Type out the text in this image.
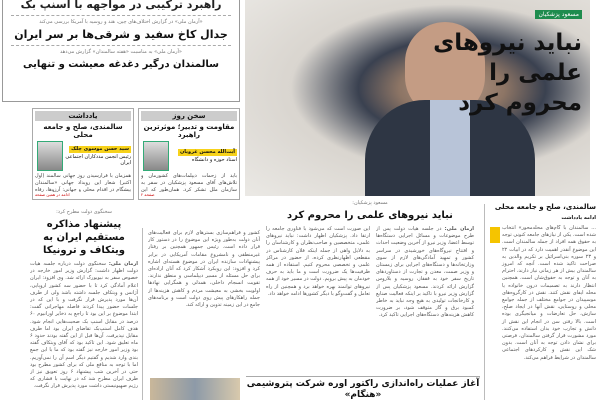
راهبرد ترکیبی در مواجهه با اسنپ بک
«آرمان ملی» در گزارش اختلاف‌های چین، هند و روسیه با آمریکا بررسی می‌کند
جدال کاخ سفید و شرقی‌ها بر سر ایران
«آرمان ملی» به مناسبت «هفته سالمندان» گزارش می‌دهد
سالمندان درگیر دغدغه معیشت و تنهایی
سخن روز
مقاومت و تدبیر؛ موثرترین راهبرد
آیت‌الله محسن غرویان
استاد حوزه و دانشگاه
باید از زحمات دیپلمات‌های کشورمان و تلاش‌های آقای مسعود پزشکیان در سفر به سازمان ملل تشکر کرد. همان‌طور که این
صفحه ۲
یادداشت
سالمندی، صلح و جامعه محلی
سید حسن موسوی چلک
رئیس انجمن مددکاران اجتماعی ایران
همزمان با فرارسیدن روز جهانی سالمند (اول اکتبر) شعار این رویداد جهانی «سالمندان پیشگام در اقدام محلی و جهانی: آرزوها، رفاه
ادامه در همین صفحه
مسعود پزشکیان
نباید نیروهای علمی را محروم کرد
سخنگوی دولت مطرح کرد:
پیشنهاد مذاکره مستقیم ایران به ویتکاف و ترونیکا
آرمان ملی: سخنگوی دولت درباره جلسه هیأت دولت اظهار داشت: گزارش وزیر امور خارجه در خصوص سفر به نیویورک ارائه شد. وی افزود: ایران اعلام آمادگی کرد تا با حضور سه کشور اروپایی، آژانس و ویتکاف جلسه داشته باشد ولی از طرف آن‌ها مورد پذیرش قرار نگرفت و با این که در جلسات حضور پیدا کردند فاصله مهاجرانی گفت: ابتدا موضوع بر این بود تا راجع به ذخایر اورانیوم ۶۰ درصد در مقابل اسنپ بک صحبت‌هایی انجام شود. هدف کامل اسنپ‌بک تقاضای ایران بود اما طرف مقابل نپذیرفت. آن‌ها قبل از این گفته بودند حدود ۶ ماه تعلیق شود. این تاکید بود که آقای ویتکاف گفته بود وزیر امور خارجه نیز گفته بود که ما با این جمع بندی وارد شدیم و گفتیم دیگر اسم آن را نمی‌آوریم. اما با توجه به منافع ملی که برای کشور مطرح بود حتی در آخرین شب پیشنهاد ۶ روز تعویق نیز از طرف ایران مطرح شد که در نهایت با فشاری که رژیم صهیونیستی داشت مورد پذیرش قرار نگرفت.
مسعود پزشکیان:
نباید نیروهای علمی را محروم کرد
آرمان ملی: در جلسه هیأت دولت پس از طرح موضوعات و مسائل اجرایی دستگاه‌ها توسط اعضا، وزیر نیرو از آخرین وضعیت احداث و افتتاح نیروگاه‌های خورشیدی در سراسر کشور و تمهید آمادگی‌های لازم از سوی وزارتخانه‌ها و دستگاه‌های اجرایی برای زمستان و وزیر صمت، معدن و تجارت از دستاوردهای تاریخ سفر خود به قفقاز، روسیه و بلاروس گزارش ارائه کردند. مسعود پزشکیان پس از گزارش وزیر نیرو با تاکید بر اینکه فعالیت صنایع و کارخانجات تولیدی به هیچ وجه نباید به خاطر کمبود برق و گاز متوقف شود، بر ضرورت کاهش هزینه‌های دستگاه‌های اجرایی تاکید کرد.
این صورت است که می‌شود با فناوری جامعه را ارتقا داد. پزشکیان اظهار داشت: نباید نیروهای علمی، متخصصین و صاحب‌نظران و کارشناسان را به دلایل واهی از جمله اینکه فلان کارشناس در مقطعی اظهارنظری کرده، از حضور در مراکز علمی و تخصصی محروم کنیم. استفاده از همه ظرفیت‌ها یک ضرورت است و ما باید به حرف خودمان به پیش برویم. دولت در مسیر خود از همه نیروهای توانمند بهره خواهد برد و همچنین از راه تعامل و گفت‌وگو با دیگر کشورها ادامه خواهد داد.
کشور و فراهم‌سازی بسترهای لازم برای فعالیت‌های آنان دولت به‌طور ویژه این موضوع را در دستور کار قرار داده است. رئیس جمهور همچنین بر رفتار غیرمنطقی و نامشروع مقامات آمریکایی در برابر پیشنهادات سازنده ایران در موضوع هسته‌ای اشاره کرد و افزود: این رویکرد آشکار کرد که آنان اراده‌ای برای حل مسئله از مسیر دیپلماسی و منطق ندارند. تقویت انسجام داخلی، همدلی و همگرایی نهادها اولویت بخشی به معیشت مردم و کاهش هزینه‌ها از جمله راهکارهای پیش روی دولت است و برنامه‌های جامع در این زمینه تدوین و ارائه کند.
آغاز عملیات راه‌اندازی راکتور اوره شرکت پتروشیمی «هنگام»
سالمندی، صلح و جامعه محلی
ادامه یادداشت
... سالمندان با گام‌های محله‌محور» انتخاب شده است. یکی از نیازهای جامعه کنونی توجه به حقوق همه افراد از جمله سالمندان است. این موضوع آنقدر اهمیت دارد که در ابیات ۲۲ و ۲۳ سوره بنی‌اسرائیل بر تکریم والدین به صراحت تاکید شده است. آنچه که امروز سالمندان بیش از هر زمانی نیاز دارند، احترام به آنان و توجه به حقوق‌شان است. همچنین انتظار دارند به تصمیمات درون خانواده یا محله ایفای نقش کنند. نقش در کارگروه‌های موسپیدان در جوامع مختلف از جمله جوامع محلی و روستایی، نقش آنها در ایجاد صلح، سازش، حل تعارضات و میانجیگری بوده است. بالا رفتن سن در انجام این نقش از دانش و تجارب خود بدان استفاده می‌کنند. مورد مشورت قرار گرفتن سالمندان، فرصتی برای نشان دادن توجه به آنان است. بدون شک این نقش و کارکردهای اجتماعی سالمندان در شرایط فراهم می‌کند.
